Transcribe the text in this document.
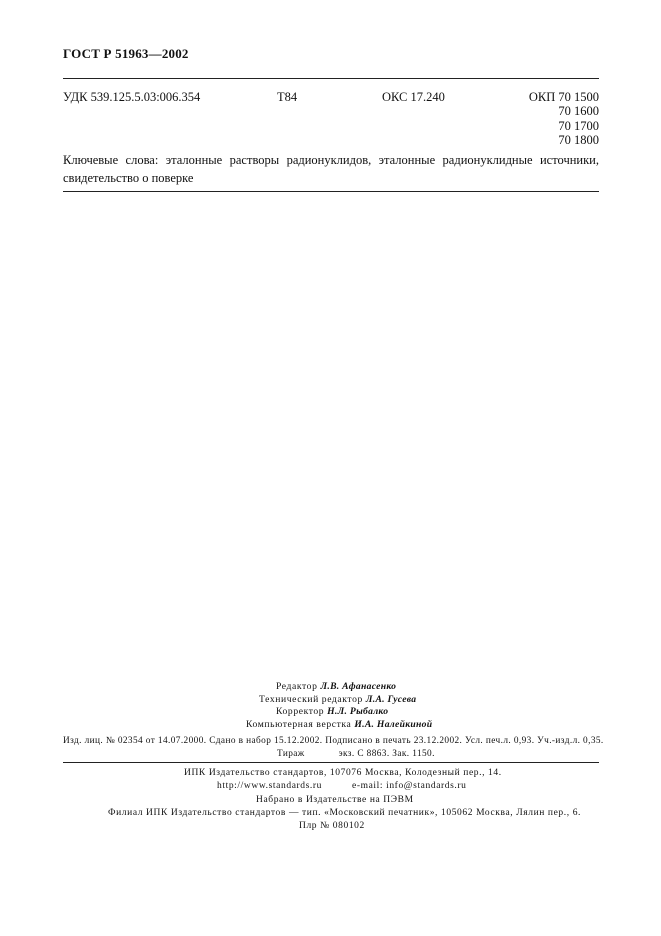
ГОСТ Р 51963—2002
УДК 539.125.5.03:006.354	Т84	ОКС 17.240	ОКП 70 1500
70 1600
70 1700
70 1800
Ключевые слова: эталонные растворы радионуклидов, эталонные радионуклидные источники, свидетельство о поверке
Редактор Л.В. Афанасенко
Технический редактор Л.А. Гусева
Корректор Н.Л. Рыбалко
Компьютерная верстка И.А. Налейкиной
Изд. лиц. № 02354 от 14.07.2000. Сдано в набор 15.12.2002. Подписано в печать 23.12.2002. Усл. печ.л. 0,93. Уч.-изд.л. 0,35.
Тираж	экз. С 8863. Зак. 1150.
ИПК Издательство стандартов, 107076 Москва, Колодезный пер., 14.
http://www.standards.ru	e-mail: info@standards.ru
Набрано в Издательстве на ПЭВМ
Филиал ИПК Издательство стандартов — тип. «Московский печатник», 105062 Москва, Лялин пер., 6.
Плр № 080102
